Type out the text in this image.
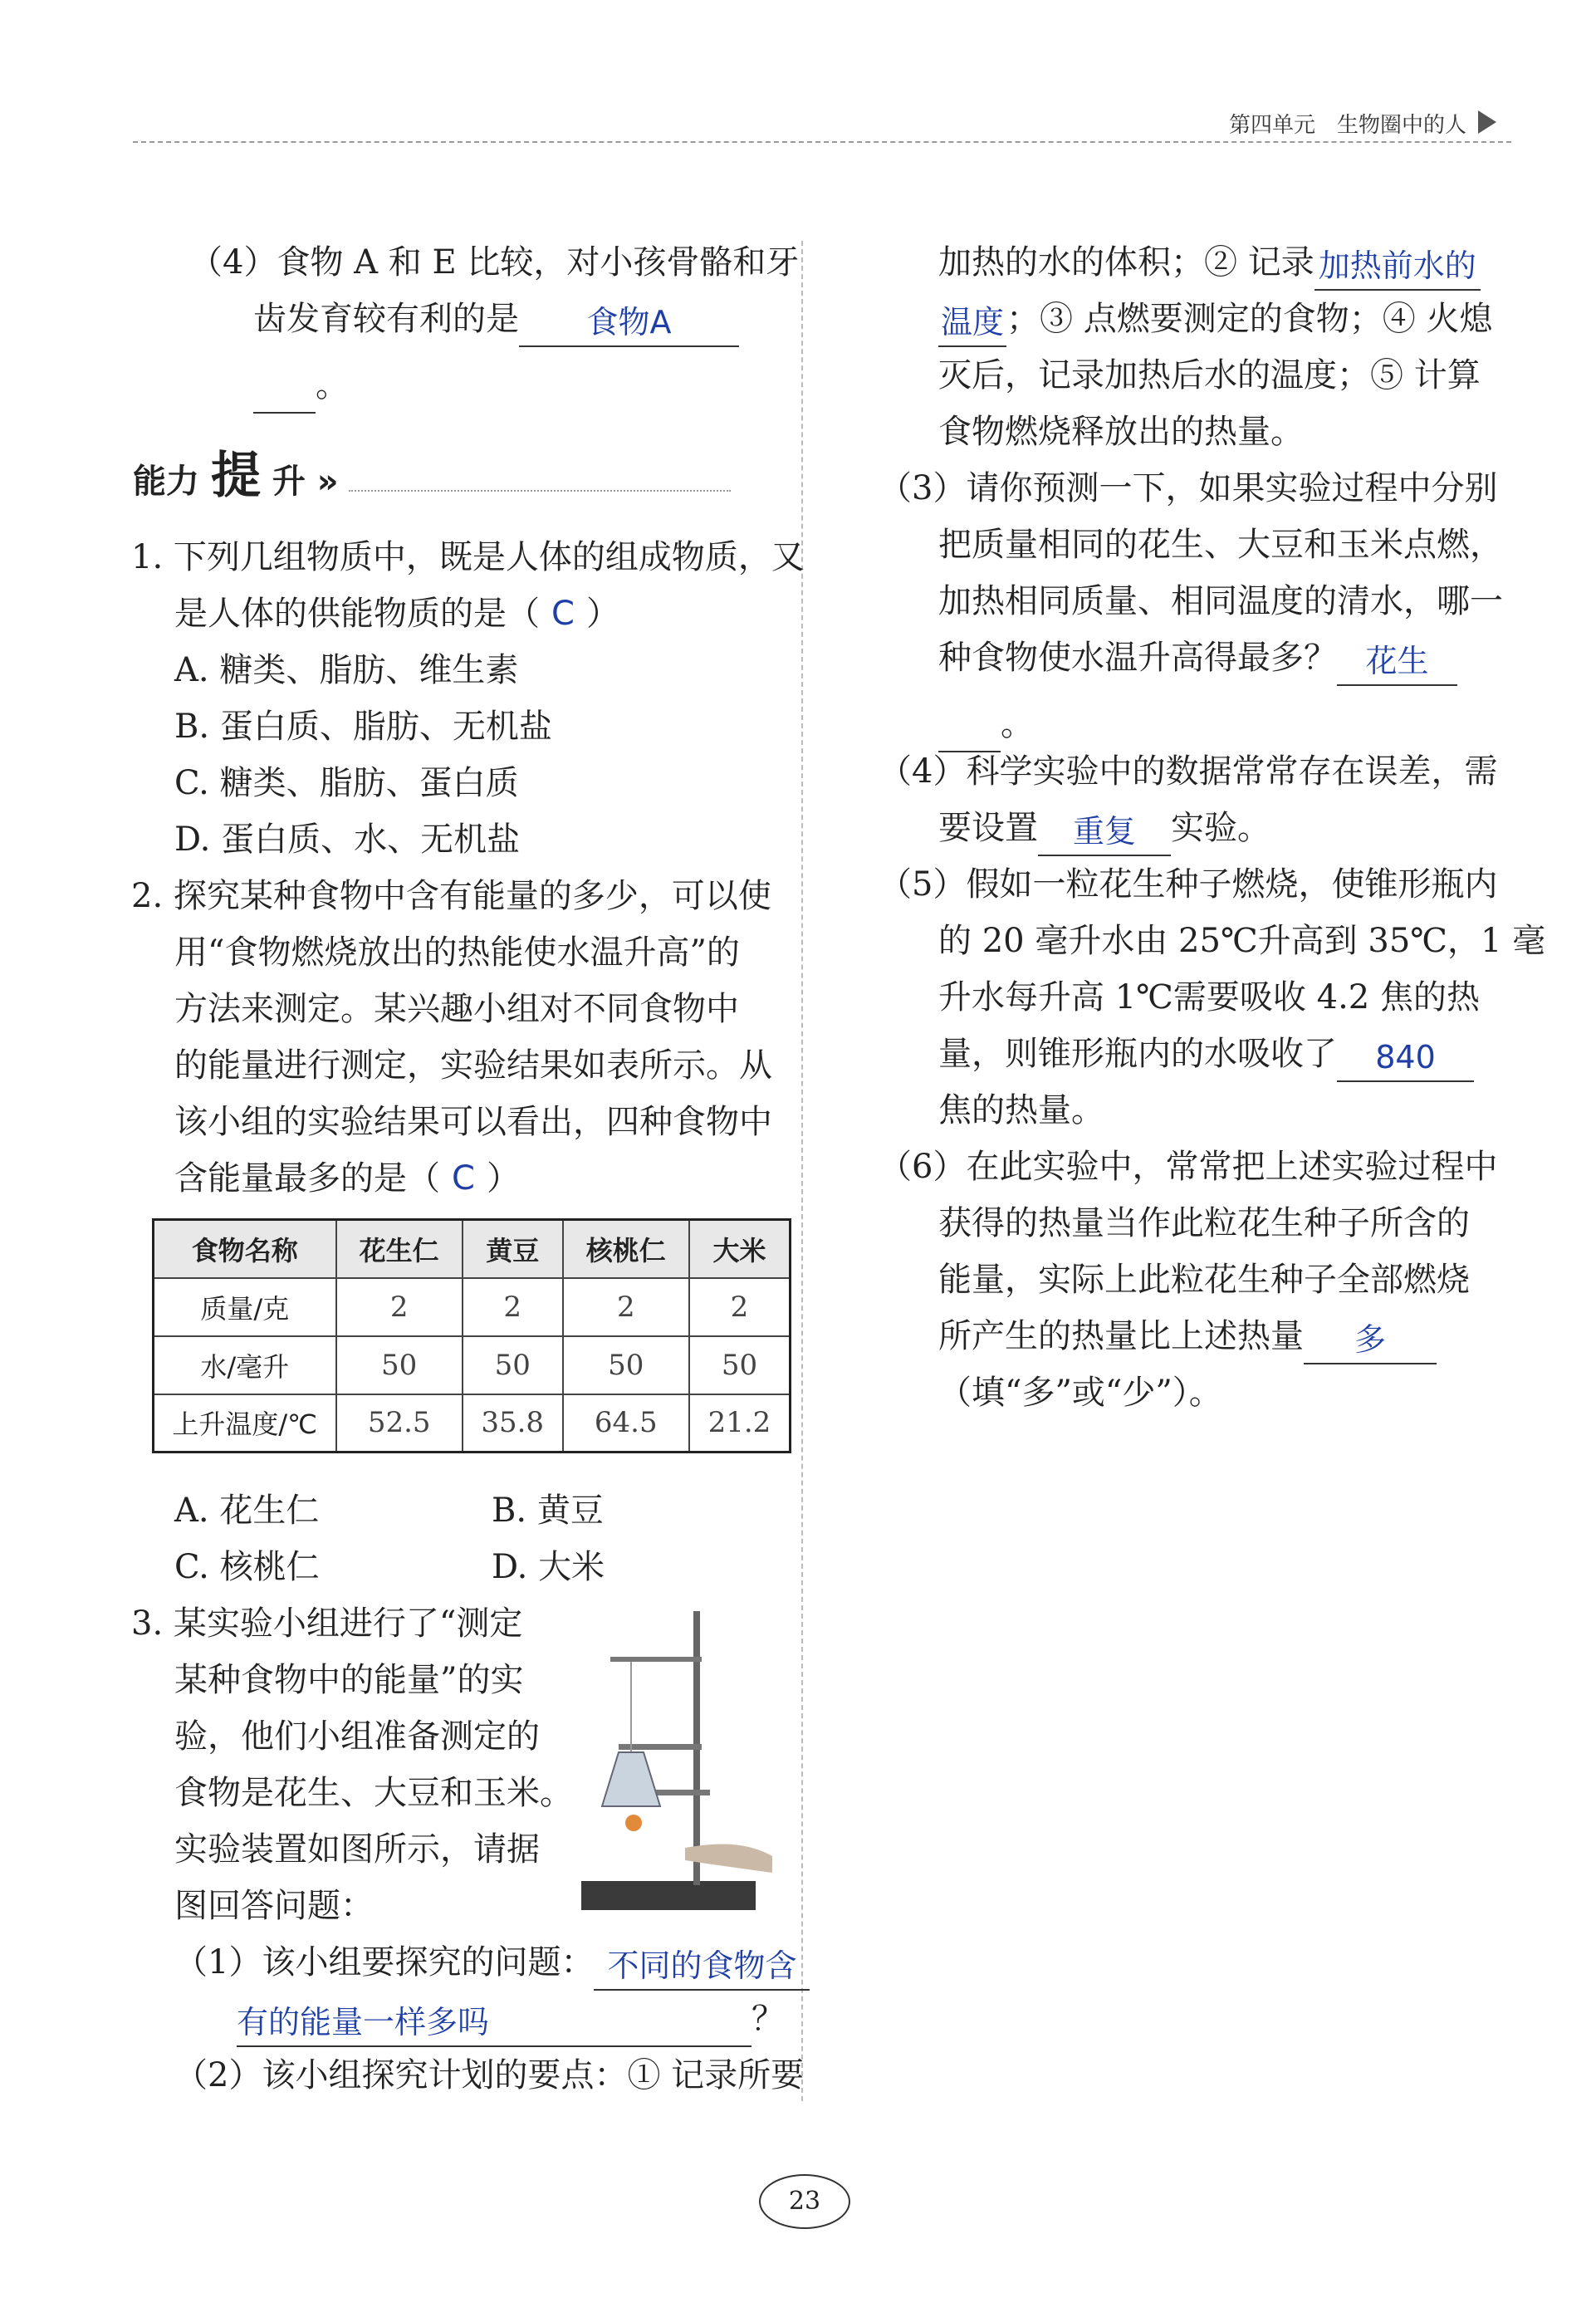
第四单元　生物圈中的人
（4）食物 A 和 E 比较，对小孩骨骼和牙
齿发育较有利的是 食物A
。
能力 提 升 »
1. 下列几组物质中，既是人体的组成物质，又
是人体的供能物质的是（ C ）
A. 糖类、脂肪、维生素
B. 蛋白质、脂肪、无机盐
C. 糖类、脂肪、蛋白质
D. 蛋白质、水、无机盐
2. 探究某种食物中含有能量的多少，可以使
用“食物燃烧放出的热能使水温升高”的
方法来测定。某兴趣小组对不同食物中
的能量进行测定，实验结果如表所示。从
该小组的实验结果可以看出，四种食物中
含能量最多的是（ C ）
食物名称	花生仁	黄豆	核桃仁	大米
质量/克	2	2	2	2
水/毫升	50	50	50	50
上升温度/℃	52.5	35.8	64.5	21.2
A. 花生仁	B. 黄豆
C. 核桃仁	D. 大米
3. 某实验小组进行了“测定
某种食物中的能量”的实
验，他们小组准备测定的
食物是花生、大豆和玉米。
实验装置如图所示，请据
图回答问题：
（1）该小组要探究的问题： 不同的食物含
有的能量一样多吗	？
（2）该小组探究计划的要点：① 记录所要
加热的水的体积；② 记录 加热前水的
温度；③ 点燃要测定的食物；④ 火熄
灭后，记录加热后水的温度；⑤ 计算
食物燃烧释放出的热量。
（3）请你预测一下，如果实验过程中分别
把质量相同的花生、大豆和玉米点燃，
加热相同质量、相同温度的清水，哪一
种食物使水温升高得最多？ 花生
。
（4）科学实验中的数据常常存在误差，需
要设置 重复 实验。
（5）假如一粒花生种子燃烧，使锥形瓶内
的 20 毫升水由 25℃升高到 35℃，1 毫
升水每升高 1℃需要吸收 4.2 焦的热
量，则锥形瓶内的水吸收了 840
焦的热量。
（6）在此实验中，常常把上述实验过程中
获得的热量当作此粒花生种子所含的
能量，实际上此粒花生种子全部燃烧
所产生的热量比上述热量 多
（填“多”或“少”）。
23
